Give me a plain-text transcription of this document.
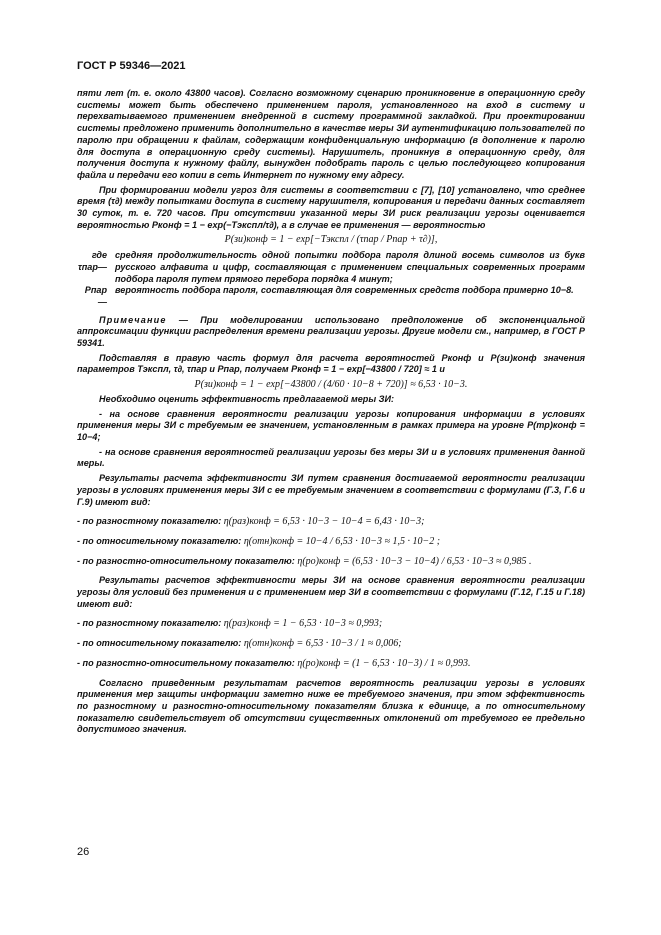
ГОСТ Р 59346—2021

пяти лет (т. е. около 43800 часов). Согласно возможному сценарию проникновение в операционную среду системы может быть обеспечено применением пароля, установленного на вход в систему и перехватываемого применением внедренной в систему программной закладкой. При проектировании системы предложено применить дополнительно в качестве меры ЗИ аутентификацию пользователей по паролю при обращении к файлам, содержащим конфиденциальную информацию (в дополнение к паролю для доступа в операционную среду системы). Нарушитель, проникнув в операционную среду, для получения доступа к нужному файлу, вынужден подобрать пароль с целью последующего копирования файла и передачи его копии в сеть Интернет по нужному ему адресу.

При формировании модели угроз для системы в соответствии с [7], [10] установлено, что среднее время (τ∂) между попытками доступа в систему нарушителя, копирования и передачи данных составляет 30 суток, т. е. 720 часов. При отсутствии указанной меры ЗИ риск реализации угрозы оценивается вероятностью Pконф = 1 − exp(−Tэкспл/τ∂), а в случае ее применения — вероятностью

P(зи)конф = 1 − exp[−Tэкспл / (τпар / Pпар + τ∂)],

где τпар—
средняя продолжительность одной попытки подбора пароля длиной восемь символов из букв русского алфавита и цифр, составляющая с применением специальных современных программ подбора пароля путем прямого перебора порядка 4 минут;
Pпар—
вероятность подбора пароля, составляющая для современных средств подбора примерно 10−8.

Примечание — При моделировании использовано предположение об экспоненциальной аппроксимации функции распределения времени реализации угрозы. Другие модели см., например, в ГОСТ Р 59341.

Подставляя в правую часть формул для расчета вероятностей Pконф и P(зи)конф значения параметров Tэкспл, τ∂, τпар и Pпар, получаем Pконф = 1 − exp[−43800 / 720] ≈ 1 и

P(зи)конф = 1 − exp[−43800 / (4/60 · 10−8 + 720)] ≈ 6,53 · 10−3.

Необходимо оценить эффективность предлагаемой меры ЗИ:

- на основе сравнения вероятности реализации угрозы копирования информации в условиях применения меры ЗИ с требуемым ее значением, установленным в рамках примера на уровне P(тр)конф = 10−4;

- на основе сравнения вероятностей реализации угрозы без меры ЗИ и в условиях применения данной меры.

Результаты расчета эффективности ЗИ путем сравнения достигаемой вероятности реализации угрозы в условиях применения меры ЗИ с ее требуемым значением в соответствии с формулами (Г.3, Г.6 и Г.9) имеют вид:

- по разностному показателю: η(раз)конф = 6,53 · 10−3 − 10−4 = 6,43 · 10−3;
- по относительному показателю: η(отн)конф = 10−4 / 6,53 · 10−3 ≈ 1,5 · 10−2 ;
- по разностно-относительному показателю: η(ро)конф = (6,53 · 10−3 − 10−4) / 6,53 · 10−3 ≈ 0,985 .

Результаты расчетов эффективности меры ЗИ на основе сравнения вероятности реализации угрозы для условий без применения и с применением мер ЗИ в соответствии с формулами (Г.12, Г.15 и Г.18) имеют вид:

- по разностному показателю: η(раз)конф = 1 − 6,53 · 10−3 ≈ 0,993;
- по относительному показателю: η(отн)конф = 6,53 · 10−3 / 1 ≈ 0,006;
- по разностно-относительному показателю: η(ро)конф = (1 − 6,53 · 10−3) / 1 ≈ 0,993.

Согласно приведенным результатам расчетов вероятность реализации угрозы в условиях применения мер защиты информации заметно ниже ее требуемого значения, при этом эффективность по разностному и разностно-относительному показателям близка к единице, а по относительному показателю свидетельствует об отсутствии существенных отклонений от требуемого ее предельно допустимого значения.

26
